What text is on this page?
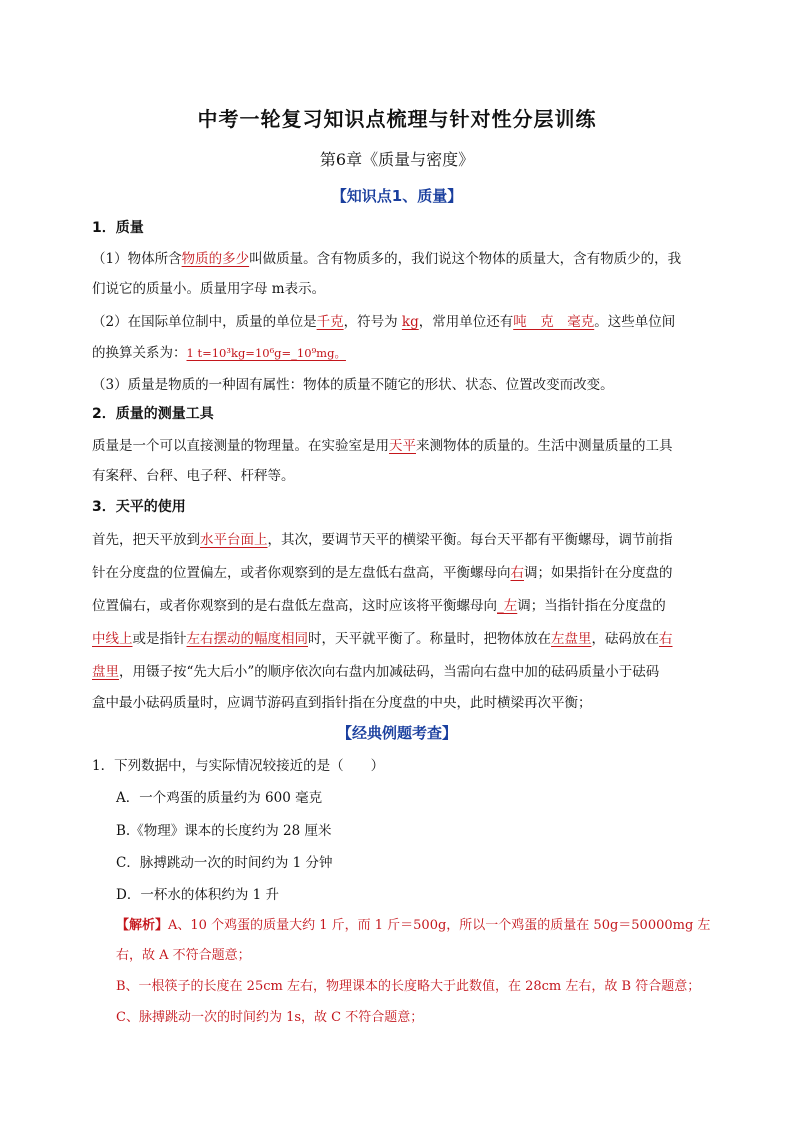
中考一轮复习知识点梳理与针对性分层训练
第6章《质量与密度》
【知识点1、质量】
1．质量
（1）物体所含物质的多少叫做质量。含有物质多的，我们说这个物体的质量大，含有物质少的，我
们说它的质量小。质量用字母 m表示。
（2）在国际单位制中，质量的单位是千克，符号为 kg，常用单位还有吨　克　毫克。这些单位间
的换算关系为：1 t=10³kg=10⁶g=_10⁹mg。
（3）质量是物质的一种固有属性：物体的质量不随它的形状、状态、位置改变而改变。
2．质量的测量工具
质量是一个可以直接测量的物理量。在实验室是用天平来测物体的质量的。生活中测量质量的工具
有案秤、台秤、电子秤、杆秤等。
3．天平的使用
首先，把天平放到水平台面上，其次，要调节天平的横梁平衡。每台天平都有平衡螺母，调节前指
针在分度盘的位置偏左，或者你观察到的是左盘低右盘高，平衡螺母向右调；如果指针在分度盘的
位置偏右，或者你观察到的是右盘低左盘高，这时应该将平衡螺母向_左调；当指针指在分度盘的
中线上或是指针左右摆动的幅度相同时，天平就平衡了。称量时，把物体放在左盘里，砝码放在右
盘里，用镊子按“先大后小”的顺序依次向右盘内加减砝码，当需向右盘中加的砝码质量小于砝码
盒中最小砝码质量时，应调节游码直到指针指在分度盘的中央，此时横梁再次平衡；
【经典例题考查】
1．下列数据中，与实际情况较接近的是（　　）
A．一个鸡蛋的质量约为 600 毫克
B.《物理》课本的长度约为 28 厘米
C．脉搏跳动一次的时间约为 1 分钟
D．一杯水的体积约为 1 升
【解析】A、10 个鸡蛋的质量大约 1 斤，而 1 斤＝500g，所以一个鸡蛋的质量在 50g＝50000mg 左
右，故 A 不符合题意；
B、一根筷子的长度在 25cm 左右，物理课本的长度略大于此数值，在 28cm 左右，故 B 符合题意；
C、脉搏跳动一次的时间约为 1s，故 C 不符合题意；
